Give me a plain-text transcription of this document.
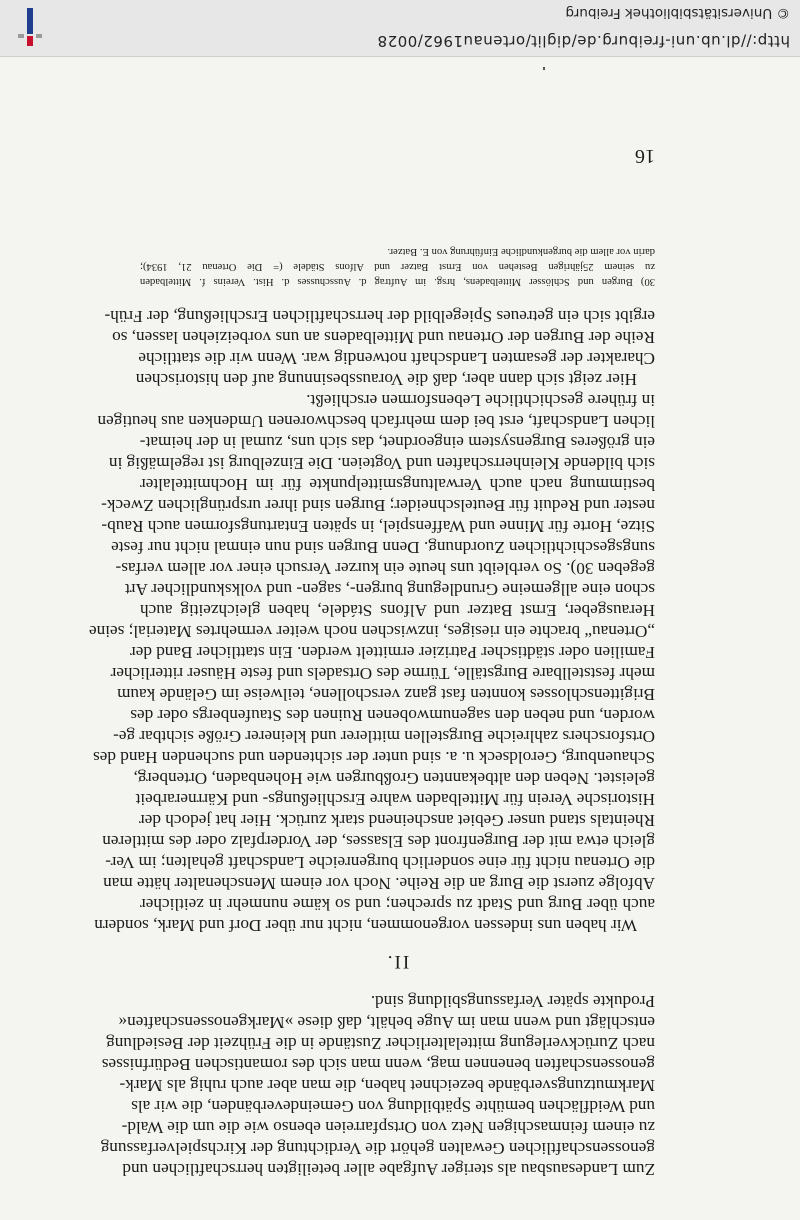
Zum Landesausbau als steriger Aufgabe aller beteiligten herrschaftlichen und
genossenschaftlichen Gewalten gehört die Verdichtung der Kirchspielverfassung
zu einem feinmaschigen Netz von Ortspfarreien ebenso wie die um die Wald-
und Weidflächen bemühte Spätbildung von Gemeindeverbänden, die wir als
Markmutzungsverbände bezeichnet haben, die man aber auch ruhig als Mark-
genossenschaften benennen mag, wenn man sich des romantischen Bedürfnisses
nach Zurückverlegung mittelalterlicher Zustände in die Frühzeit der Besiedlung
entschlägt und wenn man im Auge behält, daß diese »Markgenossenschaften«
Produkte später Verfassungsbildung sind.
II.
Wir haben uns indessen vorgenommen, nicht nur über Dorf und Mark, sondern
auch über Burg und Stadt zu sprechen; und so käme nunmehr in zeitlicher
Abfolge zuerst die Burg an die Reihe. Noch vor einem Menschenalter hätte man
die Ortenau nicht für eine sonderlich burgenreiche Landschaft gehalten; im Ver-
gleich etwa mit der Burgenfront des Elsasses, der Vorderpfalz oder des mittleren
Rheintals stand unser Gebiet anscheinend stark zurück. Hier hat jedoch der
Historische Verein für Mittelbaden wahre Erschließungs- und Kärrnerarbeit
geleistet. Neben den altbekannten Großburgen wie Hohenbaden, Ortenberg,
Schauenburg, Geroldseck u. a. sind unter der sichtenden und suchenden Hand des
Ortsforschers zahlreiche Burgstellen mittlerer und kleinerer Größe sichtbar ge-
worden, und neben den sagenumwobenen Ruinen des Staufenbergs oder des
Brigittenschlosses konnten fast ganz verschollene, teilweise im Gelände kaum
mehr feststellbare Burgställe, Türme des Ortsadels und feste Häuser ritterlicher
Familien oder städtischer Patrizier ermittelt werden. Ein stattlicher Band der
„Ortenau“ brachte ein riesiges, inzwischen noch weiter vermehrtes Material; seine
Herausgeber, Ernst Batzer und Alfons Stádele, haben gleichzeitig auch
schon eine allgemeine Grundlegung burgen-, sagen- und volkskundlicher Art
gegeben 30). So verbleibt uns heute ein kurzer Versuch einer vor allem verfas-
sungsgeschichtlichen Zuordnung. Denn Burgen sind nun einmal nicht nur feste
Sitze, Horte für Minne und Waffenspiel, in späten Entartungsformen auch Raub-
nester und Reduit für Beutelschneider; Burgen sind ihrer ursprünglichen Zweck-
bestimmung nach auch Verwaltungsmittelpunkte für im Hochmittelalter
sich bildende Kleinherrschaften und Vogteien. Die Einzelburg ist regelmäßig in
ein größeres Burgensystem eingeordnet, das sich uns, zumal in der heimat-
lichen Landschaft, erst bei dem mehrfach beschworenen Umdenken aus heutigen
in frühere geschichtliche Lebensformen erschließt.
Hier zeigt sich dann aber, daß die Voraussbesinnung auf den historischen
Charakter der gesamten Landschaft notwendig war. Wenn wir die stattliche
Reihe der Burgen der Ortenau und Mittelbadens an uns vorbeiziehen lassen, so
ergibt sich ein getreues Spiegelbild der herrschaftlichen Erschließung, der Früh-
30) Burgen und Schlösser Mittelbadens, hrsg. im Auftrag d. Ausschusses d. Hist. Vereins f. Mittelbaden
zu seinem 25jährigen Bestehen von Ernst Batzer und Alfons Städele (= Die Ortenau 21, 1934);
darin vor allem die burgenkundliche Einführung von E. Batzer.
16
http://dl.ub.uni-freiburg.de/diglit/ortenau1962/0028
© Universitätsbibliothek Freiburg
